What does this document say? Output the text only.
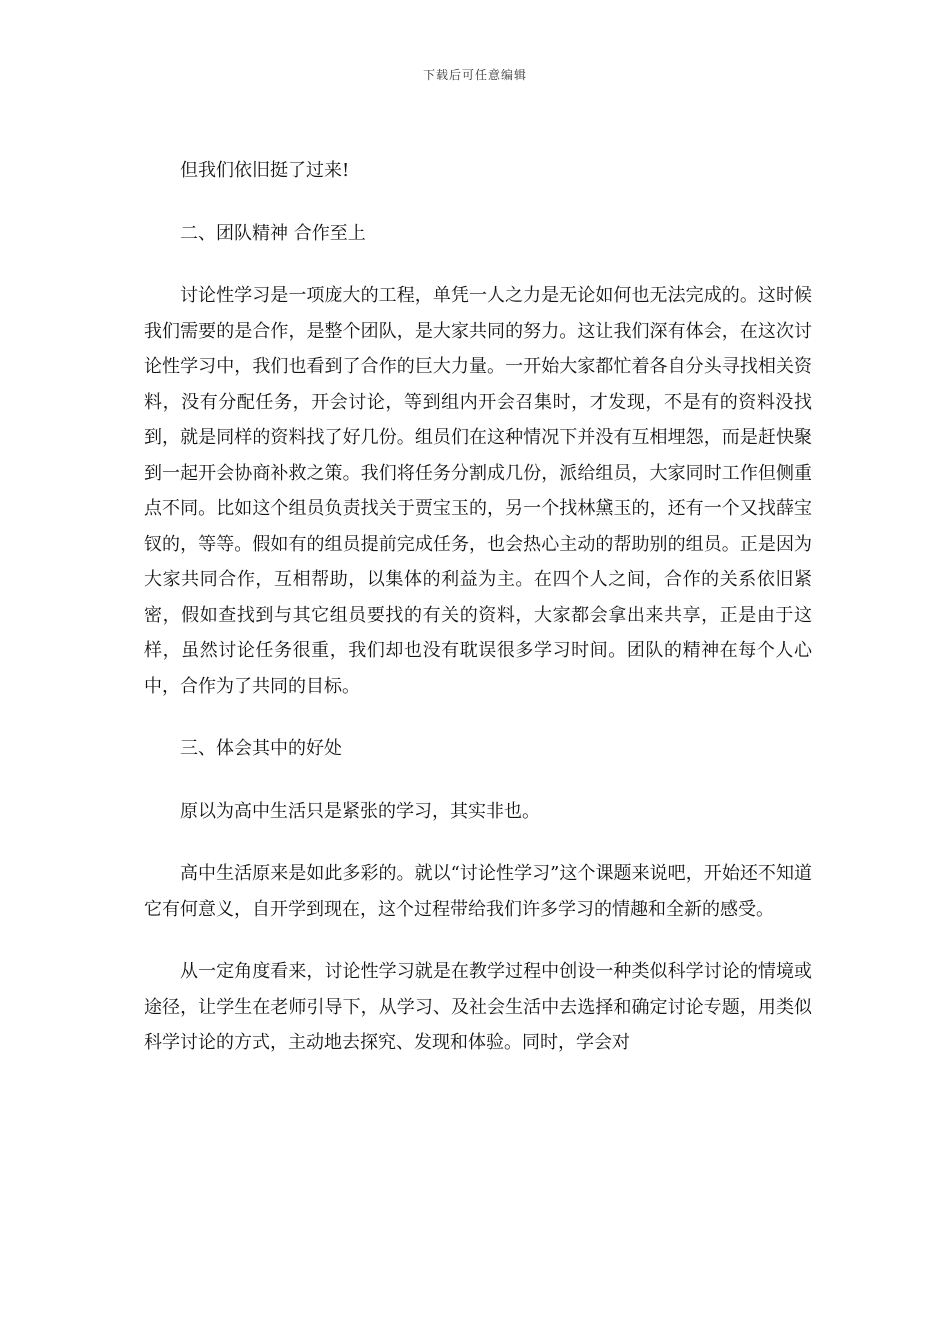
下载后可任意编辑

但我们依旧挺了过来!

二、团队精神 合作至上

讨论性学习是一项庞大的工程，单凭一人之力是无论如何也无法完成的。这时候我们需要的是合作，是整个团队，是大家共同的努力。这让我们深有体会，在这次讨论性学习中，我们也看到了合作的巨大力量。一开始大家都忙着各自分头寻找相关资料，没有分配任务，开会讨论，等到组内开会召集时，才发现，不是有的资料没找到，就是同样的资料找了好几份。组员们在这种情况下并没有互相埋怨，而是赶快聚到一起开会协商补救之策。我们将任务分割成几份，派给组员，大家同时工作但侧重点不同。比如这个组员负责找关于贾宝玉的，另一个找林黛玉的，还有一个又找薛宝钗的，等等。假如有的组员提前完成任务，也会热心主动的帮助别的组员。正是因为大家共同合作，互相帮助，以集体的利益为主。在四个人之间，合作的关系依旧紧密，假如查找到与其它组员要找的有关的资料，大家都会拿出来共享，正是由于这样，虽然讨论任务很重，我们却也没有耽误很多学习时间。团队的精神在每个人心中，合作为了共同的目标。

三、体会其中的好处

原以为高中生活只是紧张的学习，其实非也。

高中生活原来是如此多彩的。就以“讨论性学习”这个课题来说吧，开始还不知道它有何意义，自开学到现在，这个过程带给我们许多学习的情趣和全新的感受。

从一定角度看来，讨论性学习就是在教学过程中创设一种类似科学讨论的情境或途径，让学生在老师引导下，从学习、及社会生活中去选择和确定讨论专题，用类似科学讨论的方式，主动地去探究、发现和体验。同时，学会对
